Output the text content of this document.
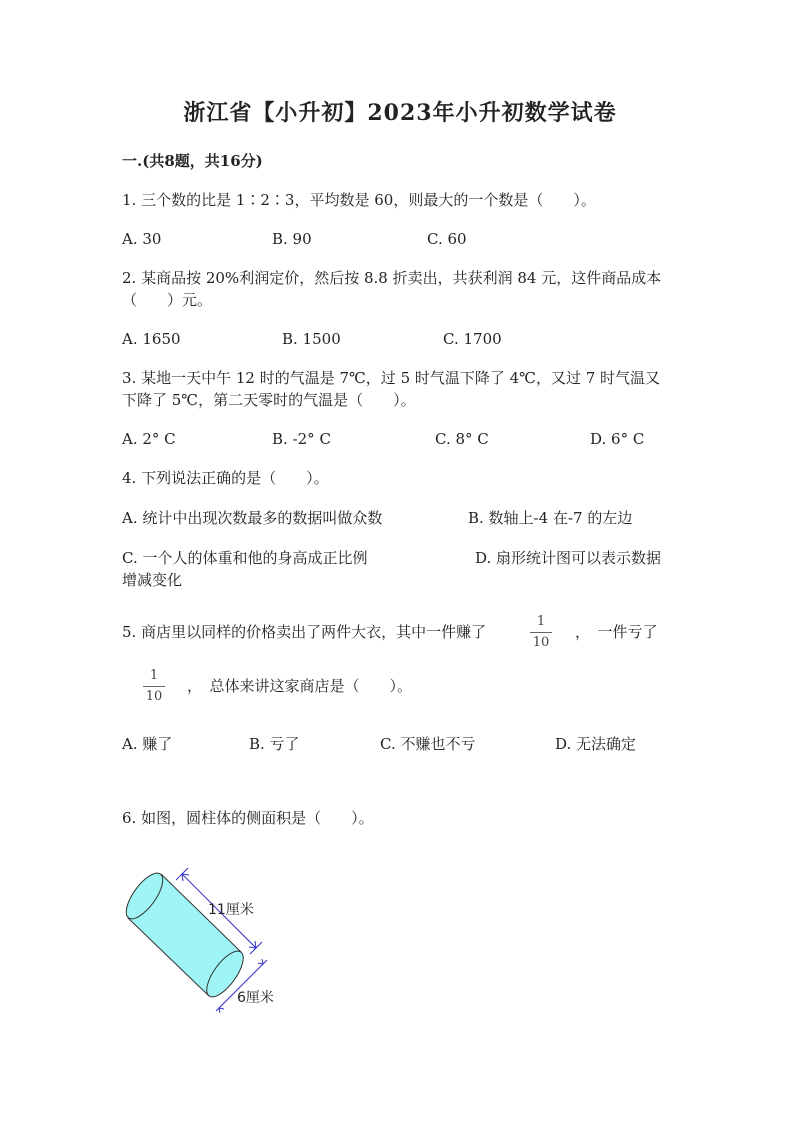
浙江省【小升初】2023年小升初数学试卷
一.(共8题，共16分)
1. 三个数的比是 1∶2∶3，平均数是 60，则最大的一个数是（　　）。
A. 30	B. 90	C. 60
2. 某商品按 20%利润定价，然后按 8.8 折卖出，共获利润 84 元，这件商品成本
（　　）元。
A. 1650	B. 1500	C. 1700
3. 某地一天中午 12 时的气温是 7℃，过 5 时气温下降了 4℃，又过 7 时气温又
下降了 5℃，第二天零时的气温是（　　）。
A. 2° C	B. -2° C	C. 8° C	D. 6° C
4. 下列说法正确的是（　　）。
A. 统计中出现次数最多的数据叫做众数	B. 数轴上-4 在-7 的左边
C. 一个人的体重和他的身高成正比例	D. 扇形统计图可以表示数据
增减变化
5. 商店里以同样的价格卖出了两件大衣，其中一件赚了
1
10
，　一件亏了
1
10
，　总体来讲这家商店是（　　）。
A. 赚了	B. 亏了	C. 不赚也不亏	D. 无法确定
6. 如图，圆柱体的侧面积是（　　）。
11厘米
6厘米
